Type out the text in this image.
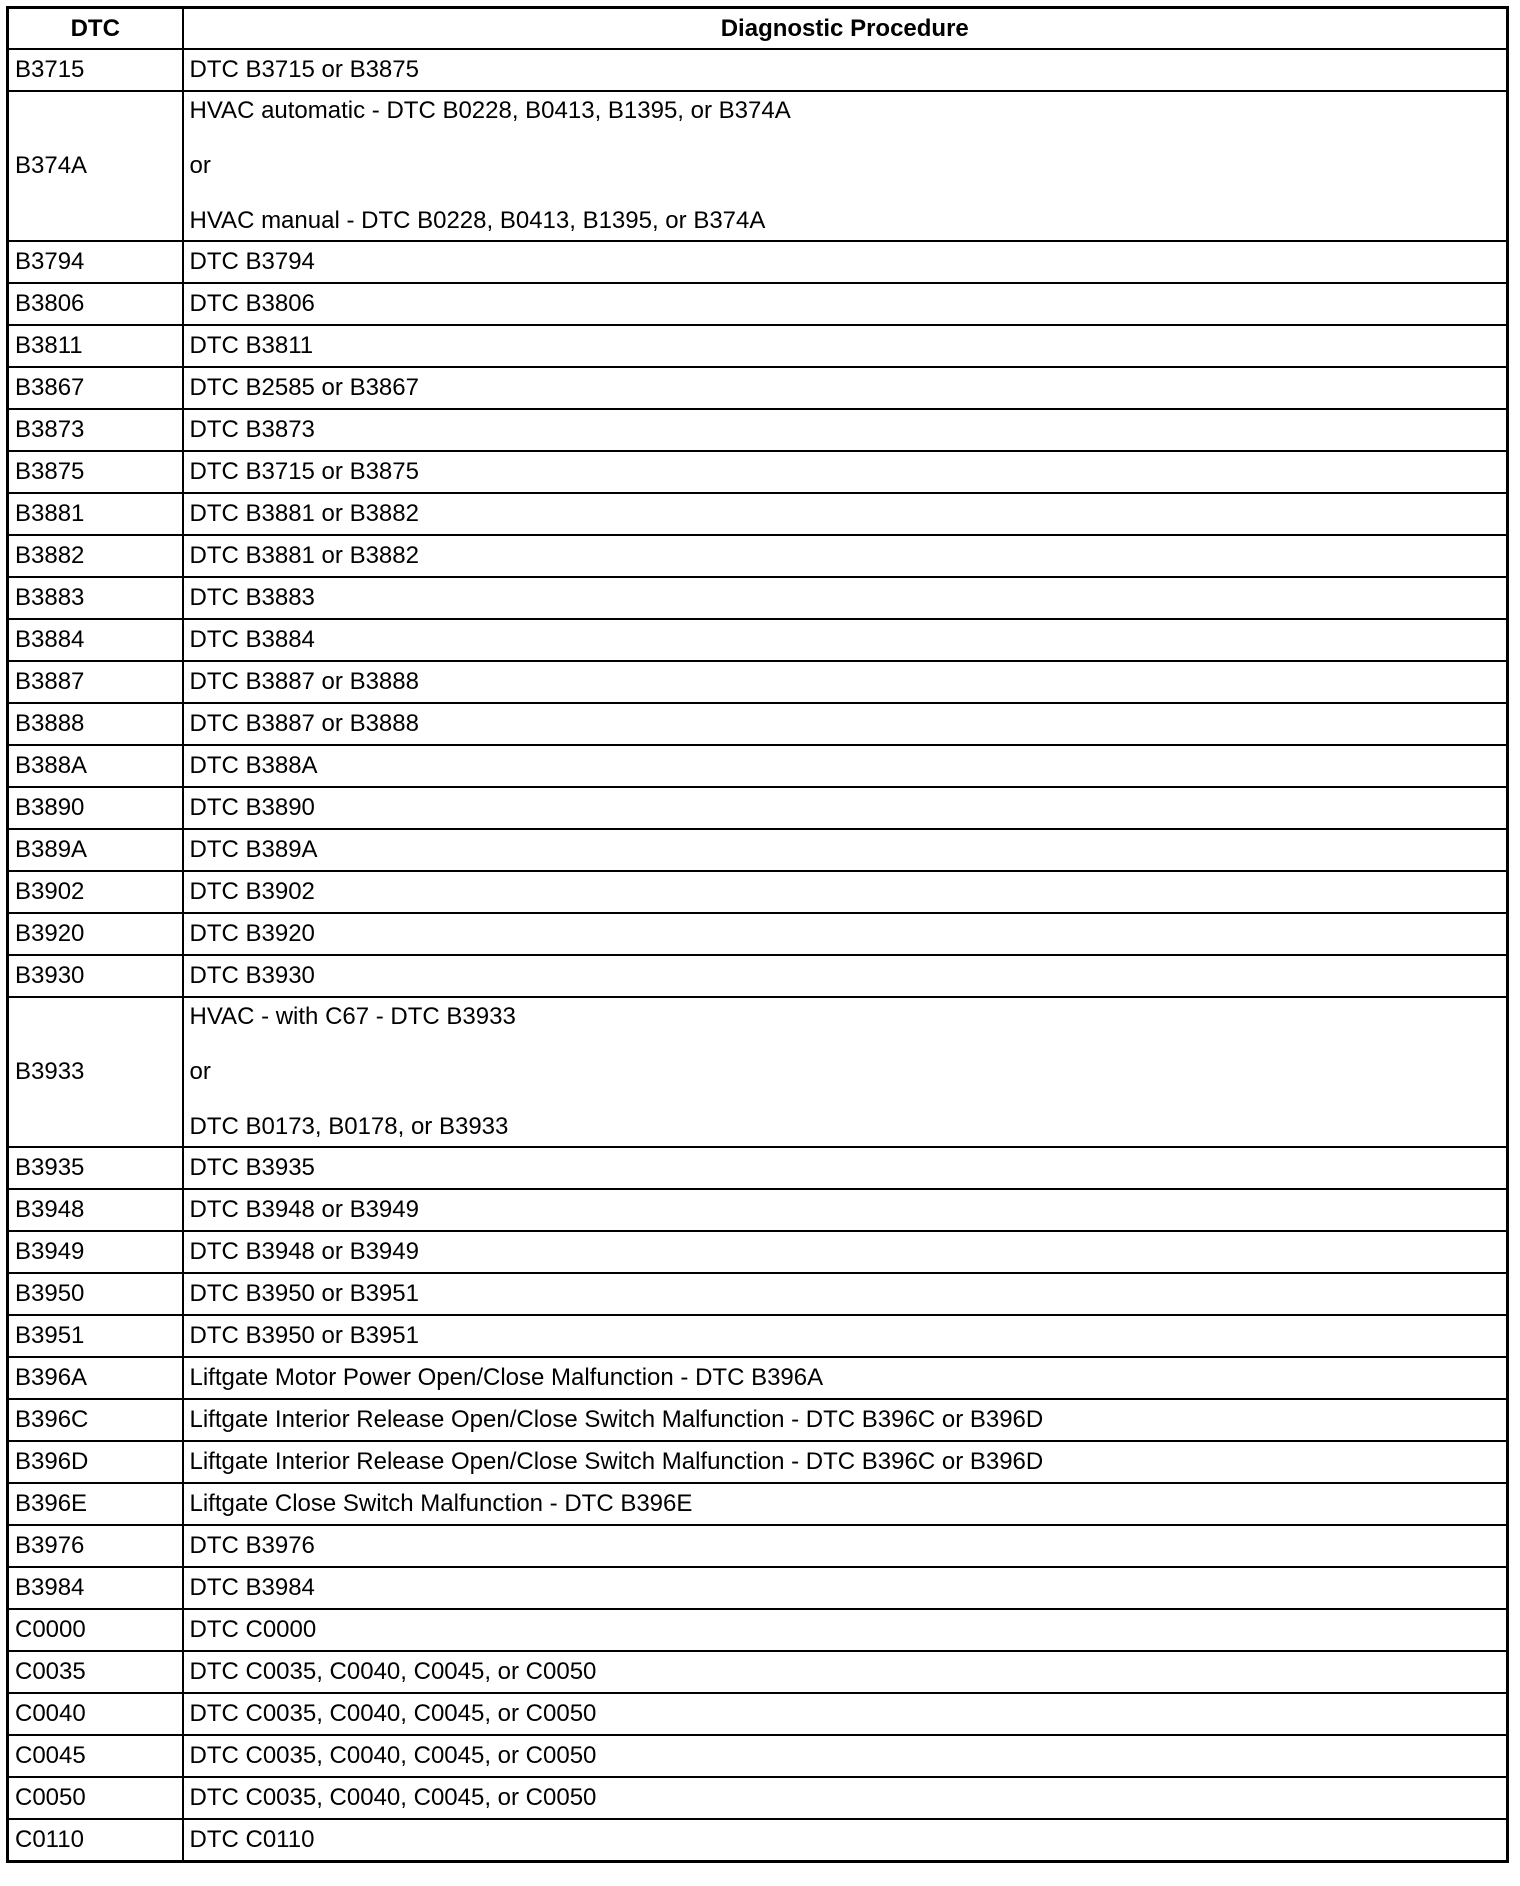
DTC	Diagnostic Procedure
B3715	DTC B3715 or B3875
B374A	HVAC automatic - DTC B0228, B0413, B1395, or B374A
or
HVAC manual - DTC B0228, B0413, B1395, or B374A

B3794	DTC B3794
B3806	DTC B3806
B3811	DTC B3811
B3867	DTC B2585 or B3867
B3873	DTC B3873
B3875	DTC B3715 or B3875
B3881	DTC B3881 or B3882
B3882	DTC B3881 or B3882
B3883	DTC B3883
B3884	DTC B3884
B3887	DTC B3887 or B3888
B3888	DTC B3887 or B3888
B388A	DTC B388A
B3890	DTC B3890
B389A	DTC B389A
B3902	DTC B3902
B3920	DTC B3920
B3930	DTC B3930
B3933	HVAC - with C67 - DTC B3933
or
DTC B0173, B0178, or B3933

B3935	DTC B3935
B3948	DTC B3948 or B3949
B3949	DTC B3948 or B3949
B3950	DTC B3950 or B3951
B3951	DTC B3950 or B3951
B396A	Liftgate Motor Power Open/Close Malfunction - DTC B396A
B396C	Liftgate Interior Release Open/Close Switch Malfunction - DTC B396C or B396D
B396D	Liftgate Interior Release Open/Close Switch Malfunction - DTC B396C or B396D
B396E	Liftgate Close Switch Malfunction - DTC B396E
B3976	DTC B3976
B3984	DTC B3984
C0000	DTC C0000
C0035	DTC C0035, C0040, C0045, or C0050
C0040	DTC C0035, C0040, C0045, or C0050
C0045	DTC C0035, C0040, C0045, or C0050
C0050	DTC C0035, C0040, C0045, or C0050
C0110	DTC C0110
